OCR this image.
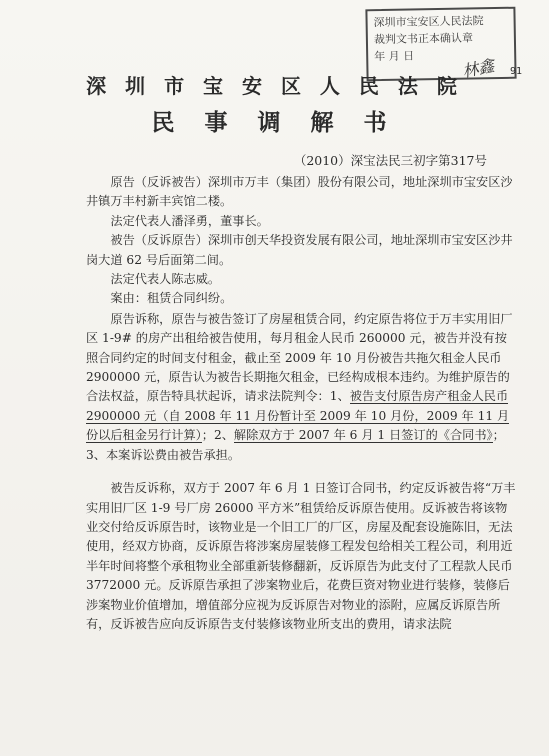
深圳市宝安区人民法院
裁判文书正本确认章
年 月 日	林鑫 91
深 圳 市 宝 安 区 人 民 法 院
民 事 调 解 书
（2010）深宝法民三初字第317号

原告（反诉被告）深圳市万丰（集团）股份有限公司，地址深圳市宝安区沙井镇万丰村新丰宾馆二楼。

法定代表人潘泽勇，董事长。

被告（反诉原告）深圳市创天华投资发展有限公司，地址深圳市宝安区沙井岗大道 62 号后面第二间。

法定代表人陈志威。

案由：租赁合同纠纷。

原告诉称，原告与被告签订了房屋租赁合同，约定原告将位于万丰实用旧厂区 1-9# 的房产出租给被告使用，每月租金人民币 260000 元，被告并没有按照合同约定的时间支付租金，截止至 2009 年 10 月份被告共拖欠租金人民币 2900000 元，原告认为被告长期拖欠租金，已经构成根本违约。为维护原告的合法权益，原告特具状起诉，请求法院判令：1、被告支付原告房产租金人民币 2900000 元（自 2008 年 11 月份暂计至 2009 年 10 月份，2009 年 11 月份以后租金另行计算）；2、解除双方于 2007 年 6 月 1 日签订的《合同书》；3、本案诉讼费由被告承担。

被告反诉称，双方于 2007 年 6 月 1 日签订合同书，约定反诉被告将“万丰实用旧厂区 1-9 号厂房 26000 平方米”租赁给反诉原告使用。反诉被告将该物业交付给反诉原告时，该物业是一个旧工厂的厂区，房屋及配套设施陈旧，无法使用，经双方协商，反诉原告将涉案房屋装修工程发包给相关工程公司，利用近半年时间将整个承租物业全部重新装修翻新，反诉原告为此支付了工程款人民币 3772000 元。反诉原告承担了涉案物业后，花费巨资对物业进行装修，装修后涉案物业价值增加，增值部分应视为反诉原告对物业的添附，应属反诉原告所有，反诉被告应向反诉原告支付装修该物业所支出的费用，请求法院
